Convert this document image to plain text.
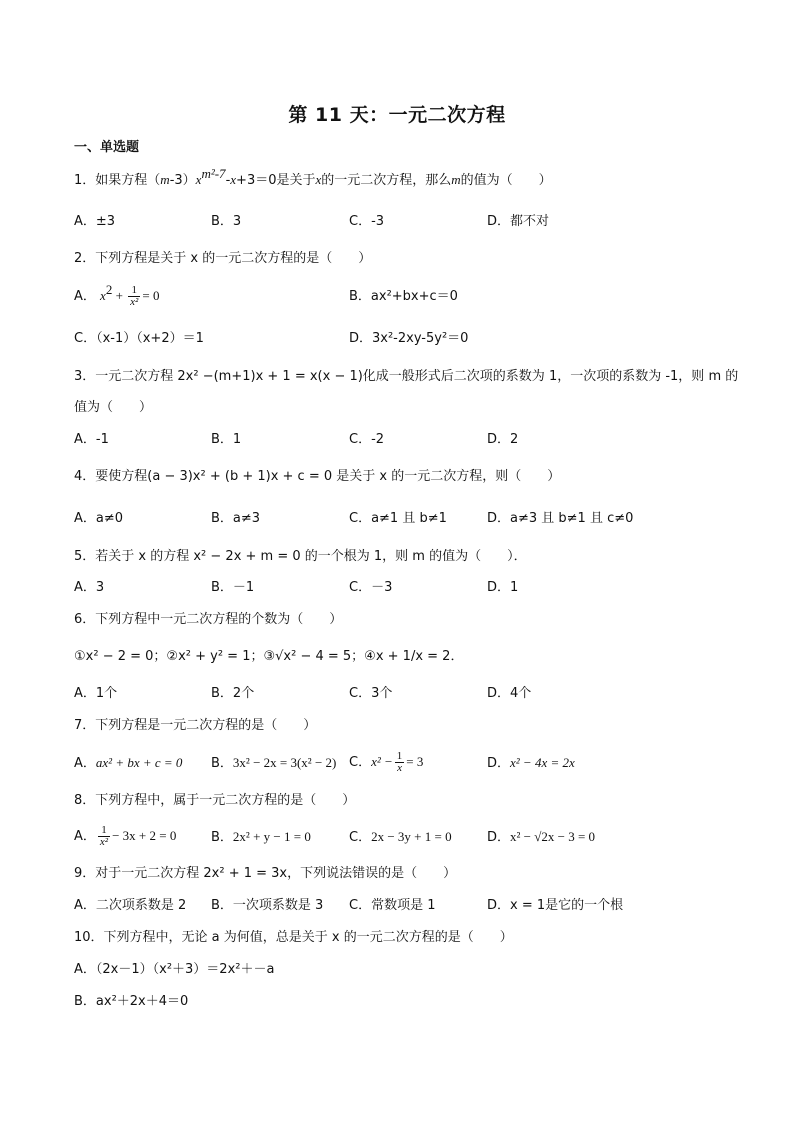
第 11 天：一元二次方程
一、单选题
1．如果方程$(m-3)x^{m^2-7}-x+3=0$是关于x的一元二次方程，那么m的值为（　　）
A．±3	B．3	C．-3	D．都不对
2．下列方程是关于 x 的一元二次方程的是（　　）
A． $x^2 + \frac{1}{\text{x²}} = 0$	B．ax²+bx+c＝0
C．（x-1）（x+2）＝1	D．3x²-2xy-5y²＝0
3．一元二次方程 2x² −(m+1)x + 1 = x(x − 1)化成一般形式后二次项的系数为 1，一次项的系数为 -1，则 m 的
值为（　　）
A．-1	B．1	C．-2	D．2
4．要使方程(a − 3)x² + (b + 1)x + c = 0 是关于 x 的一元二次方程，则（　　）
A．a≠0	B．a≠3	C．a≠1 且 b≠1	D．a≠3 且 b≠1 且 c≠0
5．若关于 x 的方程 x² − 2x + m = 0 的一个根为 1，则 m 的值为（　　）．
A．3	B．－1	C．－3	D．1
6．下列方程中一元二次方程的个数为（　　）
①x² − 2 = 0；②x² + y² = 1；③√x² − 4 = 5；④x + 1/x = 2．
A．1个	B．2个	C．3个	D．4个
7．下列方程是一元二次方程的是（　　）
A．ax² + bx + c = 0 B．3x² − 2x = 3(x² − 2) C．$x^2 - \frac{1}{x} = 3$	D．x² − 4x = 2x
8．下列方程中，属于一元二次方程的是（　　）
A． $\frac{1}{\text{x²}} - 3x + 2 = 0$	B．2x² + y − 1 = 0	C．2x − 3y + 1 = 0	D．x² − √2x − 3 = 0
9．对于一元二次方程 2x² + 1 = 3x，下列说法错误的是（　　）
A．二次项系数是 2 B．一次项系数是 3 C．常数项是 1	D．x = 1是它的一个根
10．下列方程中，无论 a 为何值，总是关于 x 的一元二次方程的是（　　）
A．（2x－1）（x²＋3）＝2x²＋－a
B．ax²＋2x＋4＝0
